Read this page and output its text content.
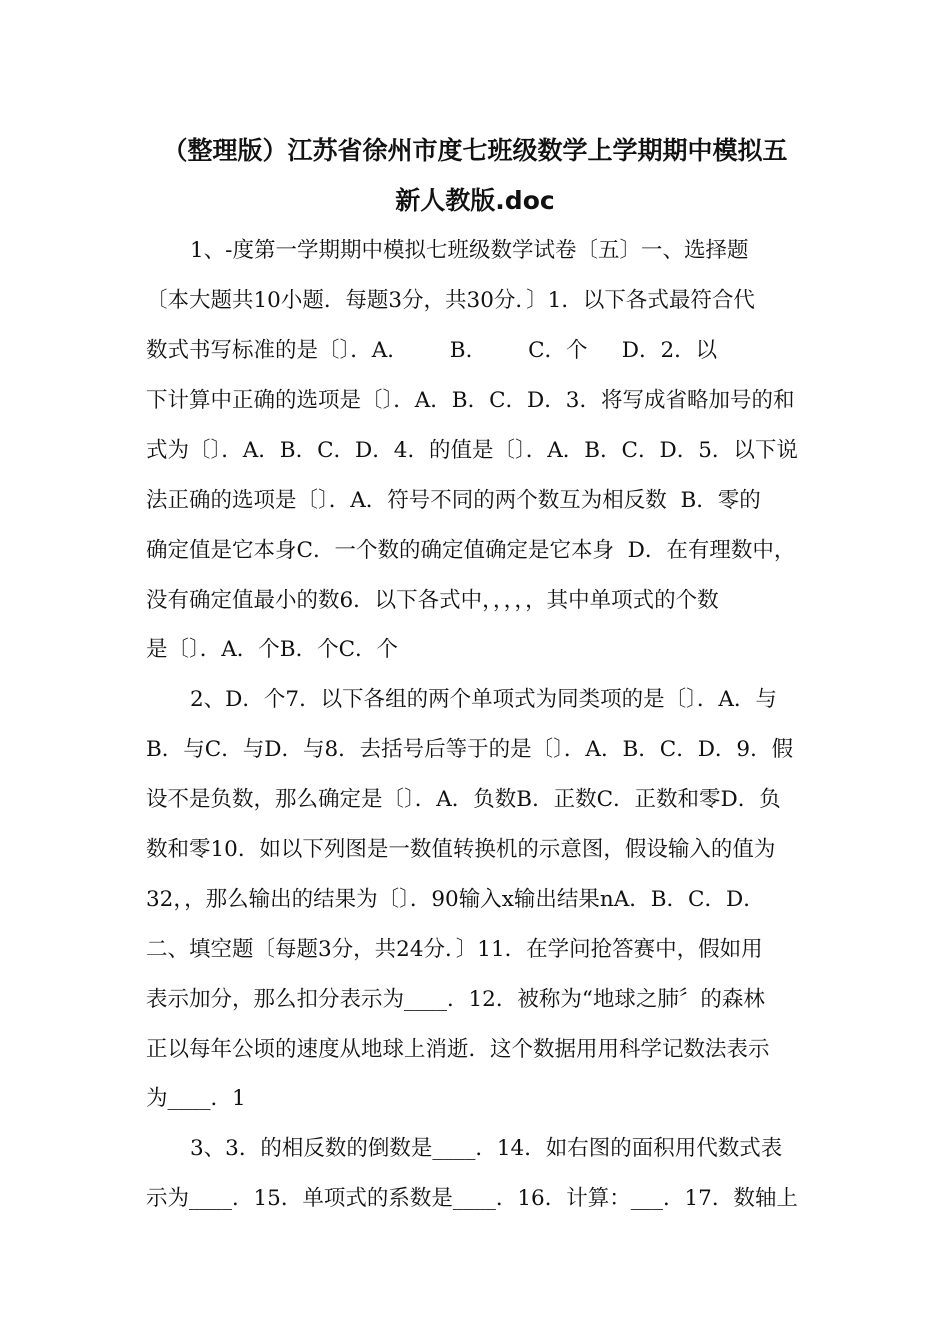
（整理版）江苏省徐州市度七班级数学上学期期中模拟五
新人教版.doc

1、-度第一学期期中模拟七班级数学试卷〔五〕一、选择题

〔本大题共10小题．每题3分，共30分．〕1．以下各式最符合代

数式书写标准的是〔〕．A．      B．      C．个     D．2．以

下计算中正确的选项是〔〕．A．B．C．D．3．将写成省略加号的和

式为〔〕．A．B．C．D．4．的值是〔〕．A．B．C．D．5．以下说

法正确的选项是〔〕．A．符号不同的两个数互为相反数  B．零的

确定值是它本身C．一个数的确定值确定是它本身  D．在有理数中，

没有确定值最小的数6．以下各式中，，，，，其中单项式的个数

是〔〕．A．个B．个C．个

2、D．个7．以下各组的两个单项式为同类项的是〔〕．A．与

B．与C．与D．与8．去括号后等于的是〔〕．A．B．C．D．9．假

设不是负数，那么确定是〔〕．A．负数B．正数C．正数和零D．负

数和零10．如以下列图是一数值转换机的示意图，假设输入的值为

32，，那么输出的结果为〔〕．90输入x输出结果nA．B．C．D．

二、填空题〔每题3分，共24分．〕11．在学问抢答赛中，假如用

表示加分，那么扣分表示为____．12．被称为“地球之肺〞的森林

正以每年公顷的速度从地球上消逝．这个数据用用科学记数法表示

为____．1

3、3．的相反数的倒数是____．14．如右图的面积用代数式表

示为____．15．单项式的系数是____．16．计算：___．17．数轴上
